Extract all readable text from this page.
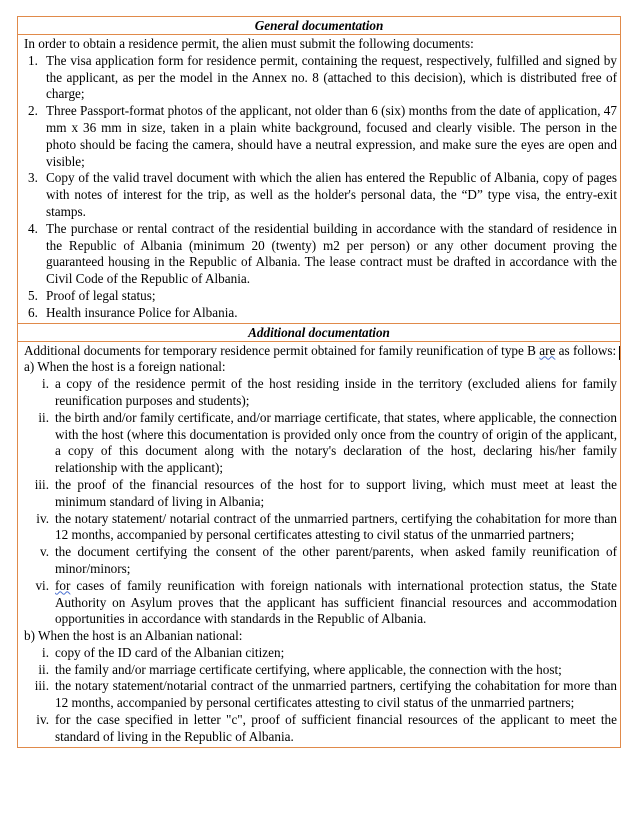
General documentation

In order to obtain a residence permit, the alien must submit the following documents:

1. The visa application form for residence permit, containing the request, respectively, fulfilled and signed by the applicant, as per the model in the Annex no. 8 (attached to this decision), which is distributed free of charge;
2. Three Passport-format photos of the applicant, not older than 6 (six) months from the date of application, 47 mm x 36 mm in size, taken in a plain white background, focused and clearly visible. The person in the photo should be facing the camera, should have a neutral expression, and make sure the eyes are open and visible;
3. Copy of the valid travel document with which the alien has entered the Republic of Albania, copy of pages with notes of interest for the trip, as well as the holder's personal data, the “D” type visa, the entry-exit stamps.
4. The purchase or rental contract of the residential building in accordance with the standard of residence in the Republic of Albania (minimum 20 (twenty) m2 per person) or any other document proving the guaranteed housing in the Republic of Albania. The lease contract must be drafted in accordance with the Civil Code of the Republic of Albania.
5. Proof of legal status;
6. Health insurance Police for Albania.

Additional documentation

Additional documents for temporary residence permit obtained for family reunification of type B are as follows:

a) When the host is a foreign national:

i. a copy of the residence permit of the host residing inside in the territory (excluded aliens for family reunification purposes and students);
ii. the birth and/or family certificate, and/or marriage certificate, that states, where applicable, the connection with the host (where this documentation is provided only once from the country of origin of the applicant, a copy of this document along with the notary's declaration of the host, declaring his/her family relationship with the applicant);
iii. the proof of the financial resources of the host for to support living, which must meet at least the minimum standard of living in Albania;
iv. the notary statement/ notarial contract of the unmarried partners, certifying the cohabitation for more than 12 months, accompanied by personal certificates attesting to civil status of the unmarried partners;
v. the document certifying the consent of the other parent/parents, when asked family reunification of minor/minors;
vi. for cases of family reunification with foreign nationals with international protection status, the State Authority on Asylum proves that the applicant has sufficient financial resources and accommodation opportunities in accordance with standards in the Republic of Albania.

b) When the host is an Albanian national:

i. copy of the ID card of the Albanian citizen;
ii. the family and/or marriage certificate certifying, where applicable, the connection with the host;
iii. the notary statement/notarial contract of the unmarried partners, certifying the cohabitation for more than 12 months, accompanied by personal certificates attesting to civil status of the unmarried partners;
iv. for the case specified in letter "c", proof of sufficient financial resources of the applicant to meet the standard of living in the Republic of Albania.
